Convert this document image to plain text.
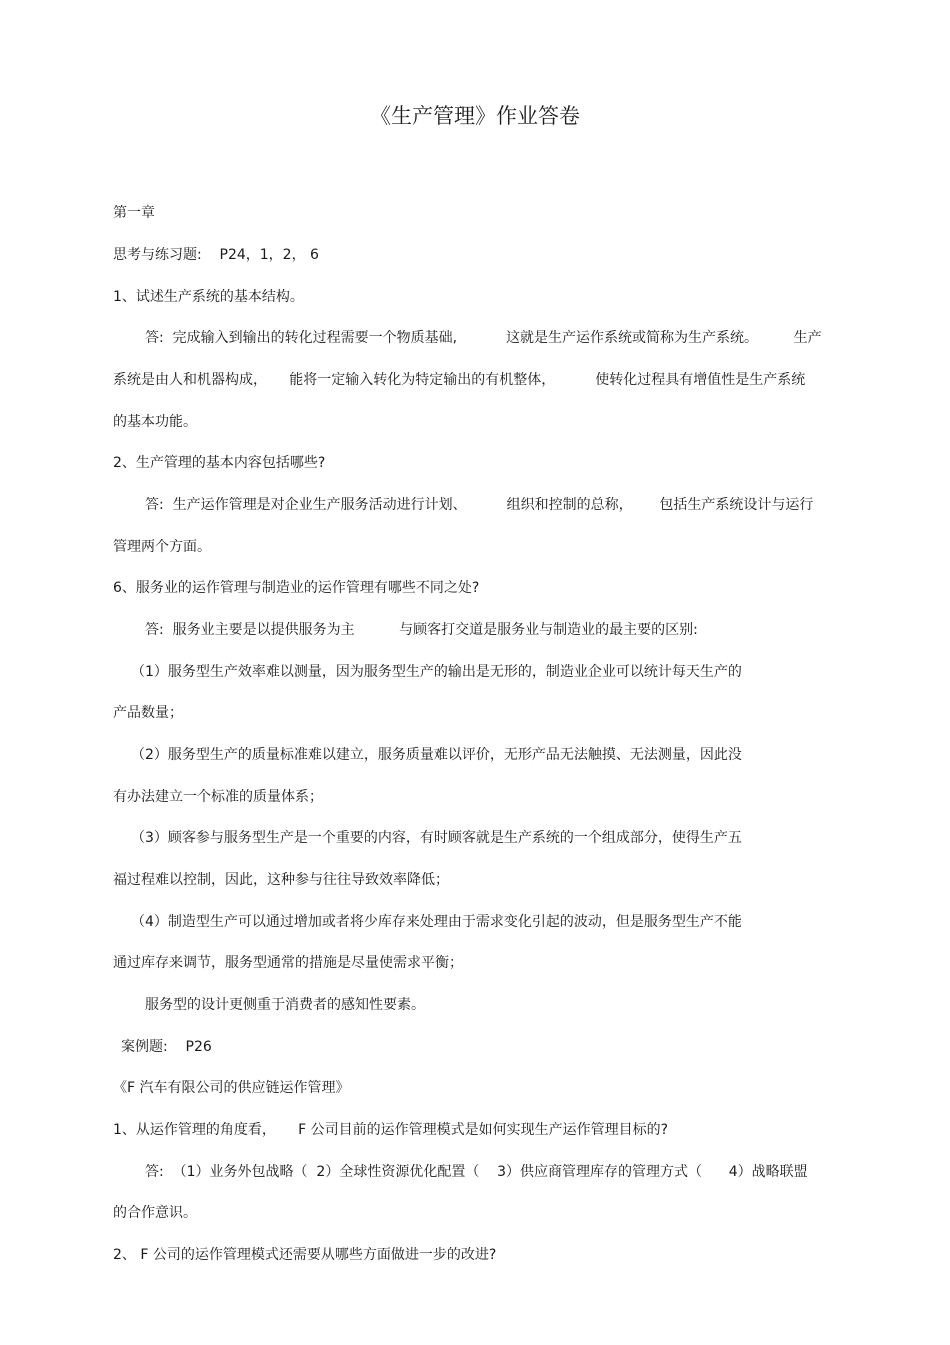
《生产管理》作业答卷
第一章
思考与练习题:    P24，1，2， 6
1、试述生产系统的基本结构。
答:  完成输入到输出的转化过程需要一个物质基础,           这就是生产运作系统或简称为生产系统。        生产
系统是由人和机器构成，     能将一定输入转化为特定输出的有机整体，         使转化过程具有增值性是生产系统
的基本功能。
2、生产管理的基本内容包括哪些?
答:  生产运作管理是对企业生产服务活动进行计划、         组织和控制的总称，      包括生产系统设计与运行
管理两个方面。
6、服务业的运作管理与制造业的运作管理有哪些不同之处?
答:  服务业主要是以提供服务为主          与顾客打交道是服务业与制造业的最主要的区别:
（1）服务型生产效率难以测量，因为服务型生产的输出是无形的，制造业企业可以统计每天生产的
产品数量；
（2）服务型生产的质量标准难以建立，服务质量难以评价，无形产品无法触摸、无法测量，因此没
有办法建立一个标准的质量体系；
（3）顾客参与服务型生产是一个重要的内容，有时顾客就是生产系统的一个组成部分，使得生产五
福过程难以控制，因此，这种参与往往导致效率降低；
（4）制造型生产可以通过增加或者将少库存来处理由于需求变化引起的波动，但是服务型生产不能
通过库存来调节，服务型通常的措施是尽量使需求平衡；
服务型的设计更侧重于消费者的感知性要素。
案例题:    P26
《F 汽车有限公司的供应链运作管理》
1、从运作管理的角度看，     F 公司目前的运作管理模式是如何实现生产运作管理目标的?
答:  （1）业务外包战略（  2）全球性资源优化配置（    3）供应商管理库存的管理方式（      4）战略联盟
的合作意识。
2、 F 公司的运作管理模式还需要从哪些方面做进一步的改进?
